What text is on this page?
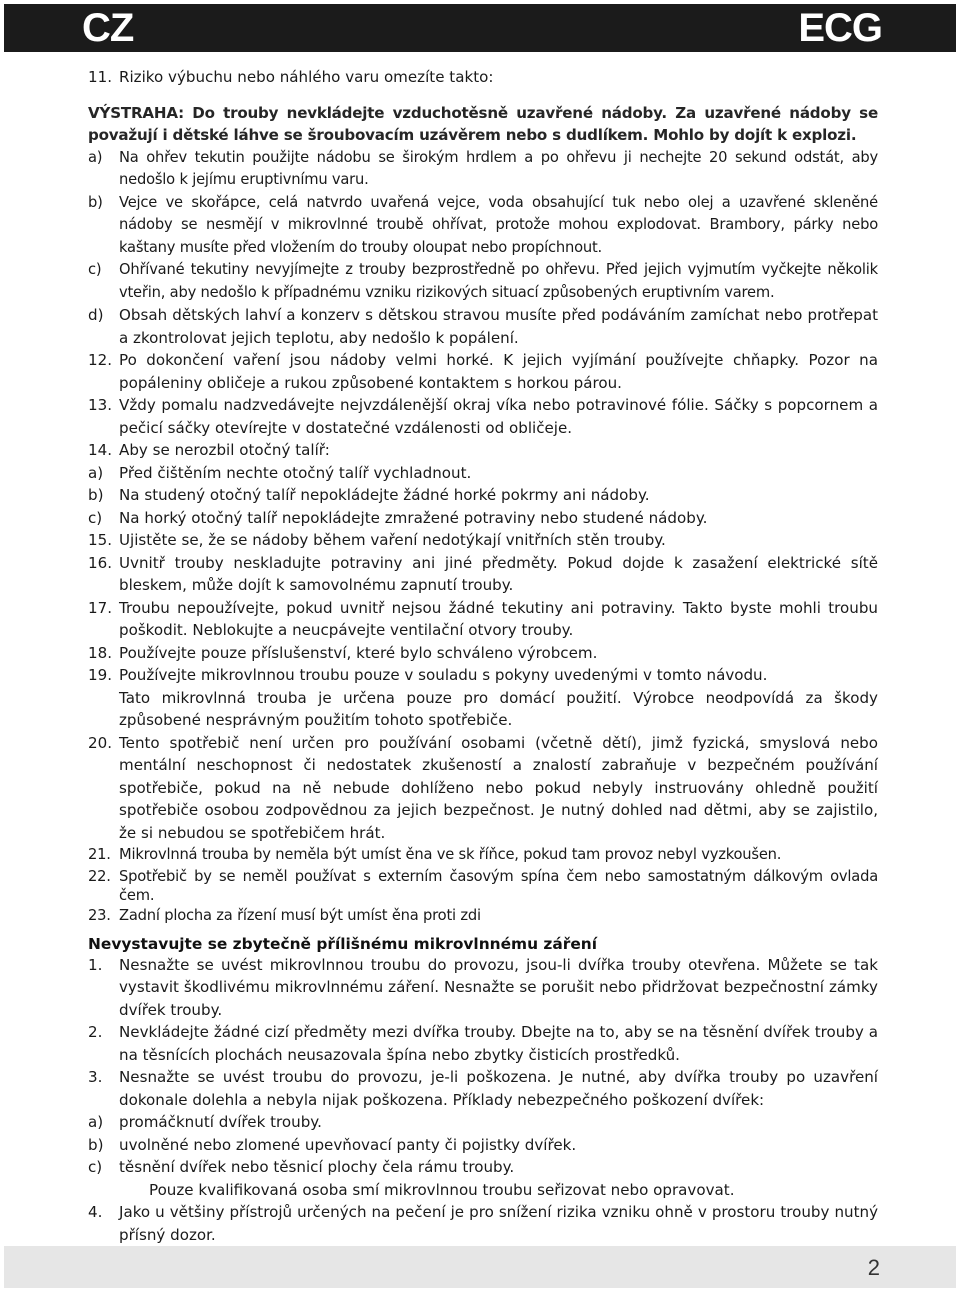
CZ	ECG

11. Riziko výbuchu nebo náhlého varu omezíte takto:

VÝSTRAHA: Do trouby nevkládejte vzduchotěsně uzavřené nádoby. Za uzavřené nádoby se považují i dětské láhve se šroubovacím uzávěrem nebo s dudlíkem. Mohlo by dojít k explozi.

a) Na ohřev tekutin použijte nádobu se širokým hrdlem a po ohřevu ji nechejte 20 sekund odstát, aby nedošlo k jejímu eruptivnímu varu.

b) Vejce ve skořápce, celá natvrdo uvařená vejce, voda obsahující tuk nebo olej a uzavřené skleněné nádoby se nesmějí v mikrovlnné troubě ohřívat, protože mohou explodovat. Brambory, párky nebo kaštany musíte před vložením do trouby oloupat nebo propíchnout.

c) Ohřívané tekutiny nevyjímejte z trouby bezprostředně po ohřevu. Před jejich vyjmutím vyčkejte několik vteřin, aby nedošlo k případnému vzniku rizikových situací způsobených eruptivním varem.

d) Obsah dětských lahví a konzerv s dětskou stravou musíte před podáváním zamíchat nebo protřepat a zkontrolovat jejich teplotu, aby nedošlo k popálení.

12. Po dokončení vaření jsou nádoby velmi horké. K jejich vyjímání používejte chňapky. Pozor na popáleniny obličeje a rukou způsobené kontaktem s horkou párou.

13. Vždy pomalu nadzvedávejte nejvzdálenější okraj víka nebo potravinové fólie. Sáčky s popcornem a pečicí sáčky otevírejte v dostatečné vzdálenosti od obličeje.

14. Aby se nerozbil otočný talíř:

a) Před čištěním nechte otočný talíř vychladnout.

b) Na studený otočný talíř nepokládejte žádné horké pokrmy ani nádoby.

c) Na horký otočný talíř nepokládejte zmražené potraviny nebo studené nádoby.

15. Ujistěte se, že se nádoby během vaření nedotýkají vnitřních stěn trouby.

16. Uvnitř trouby neskladujte potraviny ani jiné předměty. Pokud dojde k zasažení elektrické sítě bleskem, může dojít k samovolnému zapnutí trouby.

17. Troubu nepoužívejte, pokud uvnitř nejsou žádné tekutiny ani potraviny. Takto byste mohli troubu poškodit. Neblokujte a neucpávejte ventilační otvory trouby.

18. Používejte pouze příslušenství, které bylo schváleno výrobcem.

19. Používejte mikrovlnnou troubu pouze v souladu s pokyny uvedenými v tomto návodu.

Tato mikrovlnná trouba je určena pouze pro domácí použití. Výrobce neodpovídá za škody způsobené nesprávným použitím tohoto spotřebiče.

20. Tento spotřebič není určen pro používání osobami (včetně dětí), jimž fyzická, smyslová nebo mentální neschopnost či nedostatek zkušeností a znalostí zabraňuje v bezpečném používání spotřebiče, pokud na ně nebude dohlíženo nebo pokud nebyly instruovány ohledně použití spotřebiče osobou zodpovědnou za jejich bezpečnost. Je nutný dohled nad dětmi, aby se zajistilo, že si nebudou se spotřebičem hrát.

21. Mikrovlnná trouba by neměla být umíst ěna ve sk říňce, pokud tam provoz nebyl vyzkoušen.

22. Spotřebič by se neměl používat s externím časovým spína čem nebo samostatným dálkovým ovlada čem.

23. Zadní plocha za řízení musí být umíst ěna proti zdi

Nevystavujte se zbytečně přílišnému mikrovlnnému záření

1. Nesnažte se uvést mikrovlnnou troubu do provozu, jsou-li dvířka trouby otevřena. Můžete se tak vystavit škodlivému mikrovlnnému záření. Nesnažte se porušit nebo přidržovat bezpečnostní zámky dvířek trouby.

2. Nevkládejte žádné cizí předměty mezi dvířka trouby. Dbejte na to, aby se na těsnění dvířek trouby a na těsnících plochách neusazovala špína nebo zbytky čisticích prostředků.

3. Nesnažte se uvést troubu do provozu, je-li poškozena. Je nutné, aby dvířka trouby po uzavření dokonale dolehla a nebyla nijak poškozena. Příklady nebezpečného poškození dvířek:

a) promáčknutí dvířek trouby.

b) uvolněné nebo zlomené upevňovací panty či pojistky dvířek.

c) těsnění dvířek nebo těsnicí plochy čela rámu trouby.

Pouze kvalifikovaná osoba smí mikrovlnnou troubu seřizovat nebo opravovat.

4. Jako u většiny přístrojů určených na pečení je pro snížení rizika vzniku ohně v prostoru trouby nutný přísný dozor.

2
